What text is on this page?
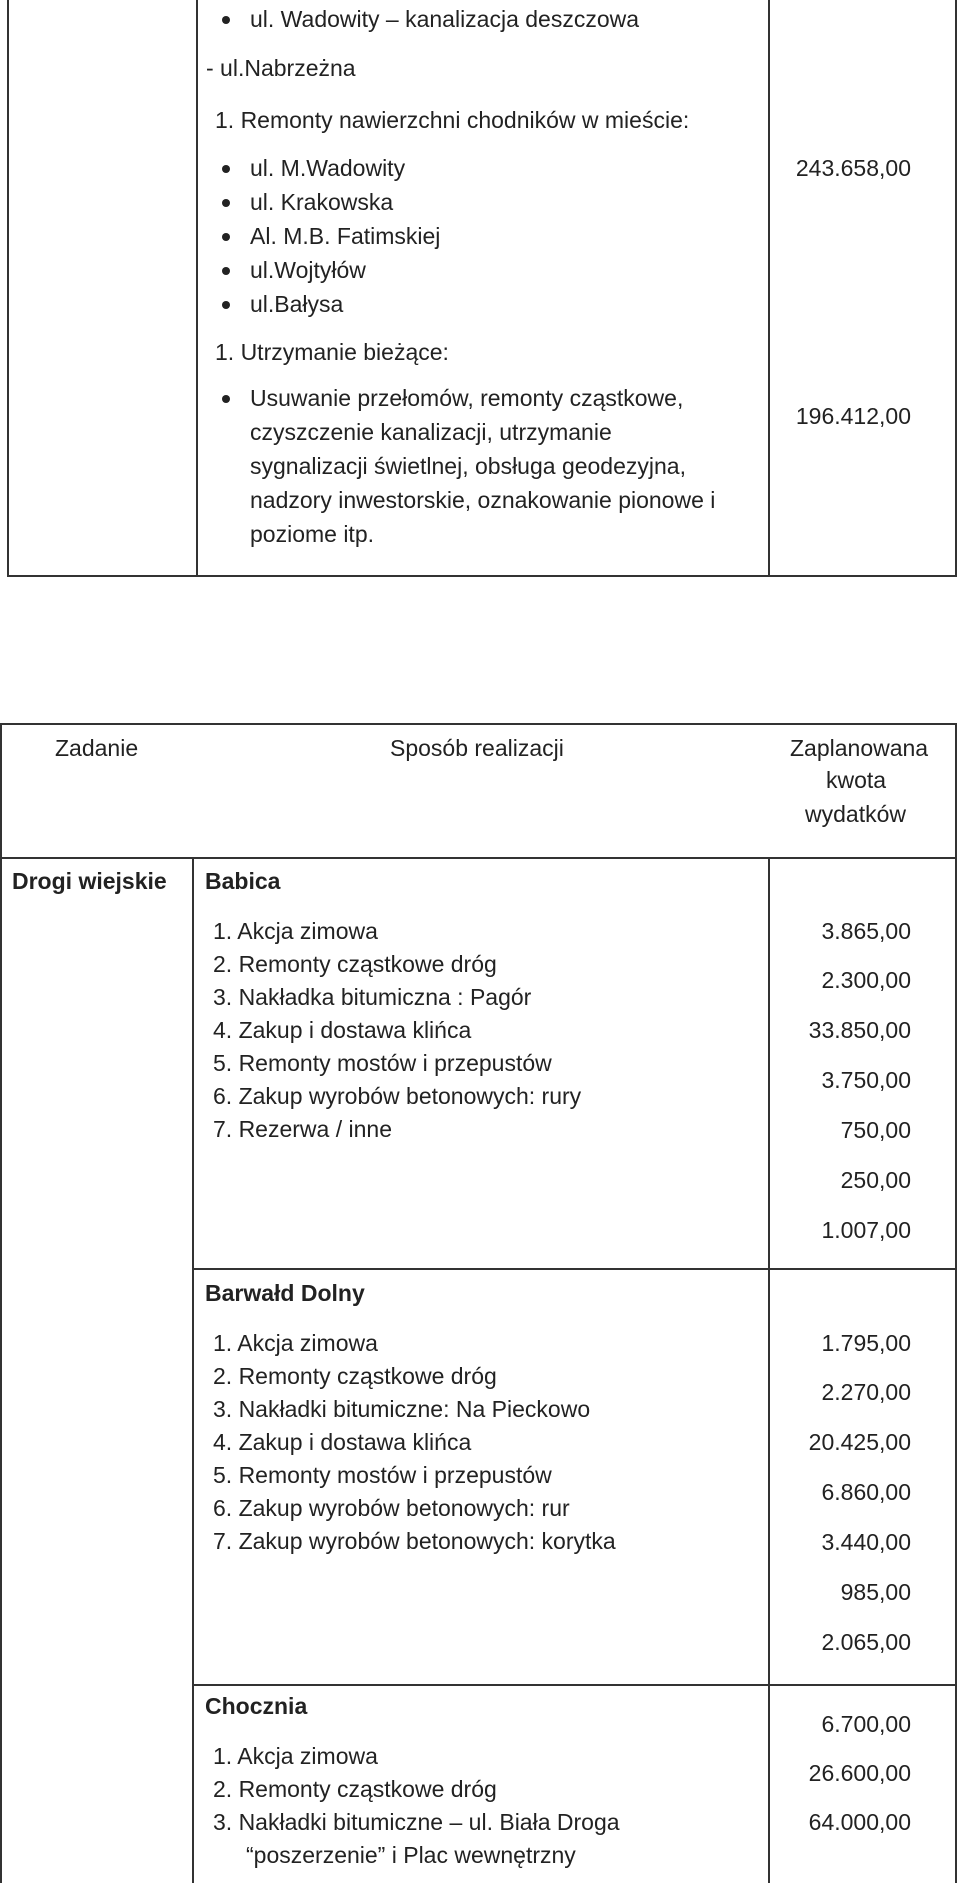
ul. Wadowity – kanalizacja deszczowa
- ul.Nabrzeżna
1. Remonty nawierzchni chodników w mieście:
ul. M.Wadowity
ul. Krakowska
Al. M.B. Fatimskiej
ul.Wojtyłów
ul.Bałysa
243.658,00
1. Utrzymanie bieżące:
Usuwanie przełomów, remonty cząstkowe,
czyszczenie kanalizacji, utrzymanie
sygnalizacji świetlnej, obsługa geodezyjna,
nadzory inwestorskie, oznakowanie pionowe i
poziome itp.
196.412,00
Zadanie	Sposób realizacji	Zaplanowana
kwota
wydatków
Drogi wiejskie Babica
1. Akcja zimowa
2. Remonty cząstkowe dróg
3. Nakładka bitumiczna : Pagór
4. Zakup i dostawa klińca
5. Remonty mostów i przepustów
6. Zakup wyrobów betonowych: rury
7. Rezerwa / inne
3.865,00
2.300,00
33.850,00
3.750,00
750,00
250,00
1.007,00
Barwałd Dolny
1. Akcja zimowa
2. Remonty cząstkowe dróg
3. Nakładki bitumiczne: Na Pieckowo
4. Zakup i dostawa klińca
5. Remonty mostów i przepustów
6. Zakup wyrobów betonowych: rur
7. Zakup wyrobów betonowych: korytka
1.795,00
2.270,00
20.425,00
6.860,00
3.440,00
985,00
2.065,00
Chocznia
1. Akcja zimowa
2. Remonty cząstkowe dróg
3. Nakładki bitumiczne – ul. Biała Droga
“poszerzenie” i Plac wewnętrzny
6.700,00
26.600,00
64.000,00
